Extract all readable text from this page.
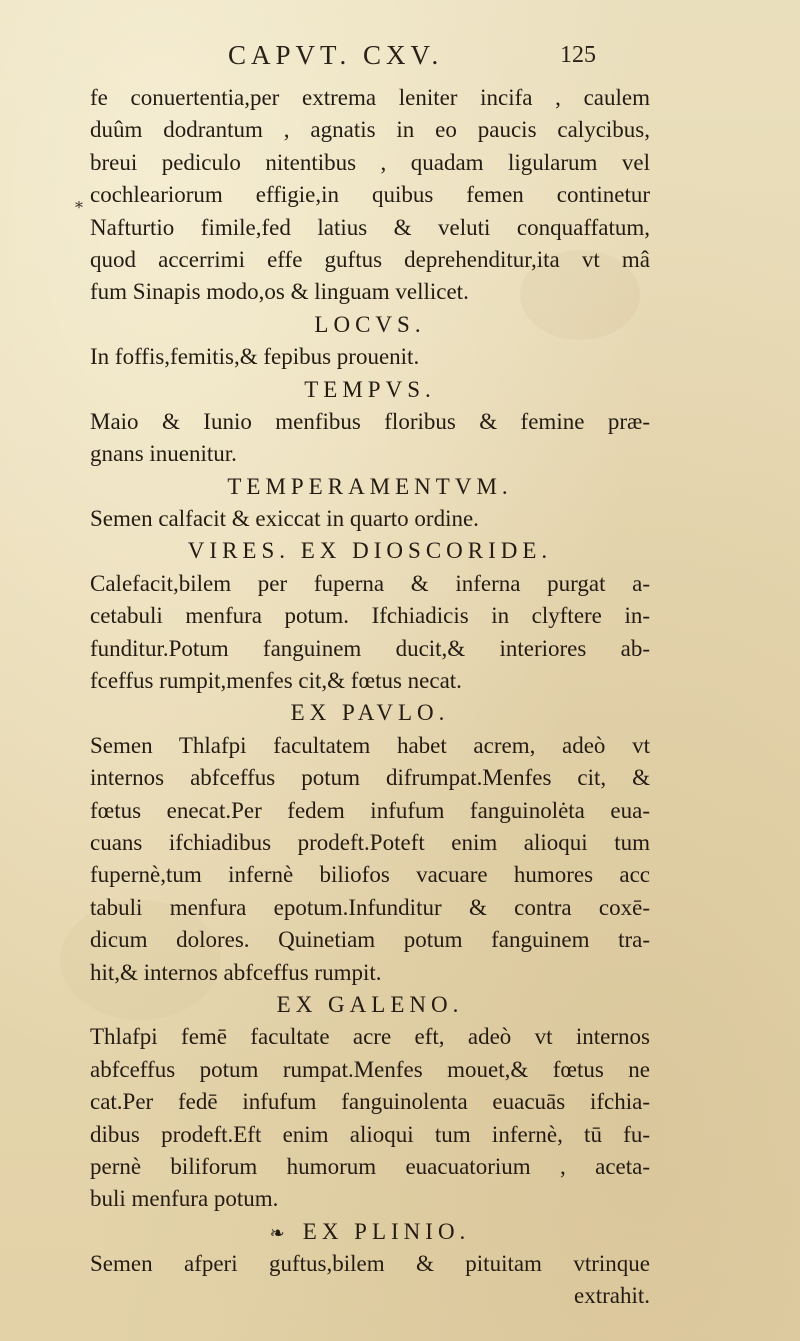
CAPVT. CXV.	125
*
fe conuertentia,per extrema leniter incifa , caulem
duûm dodrantum , agnatis in eo paucis calycibus,
breui pediculo nitentibus , quadam ligularum vel
cochleariorum effigie,in quibus femen continetur
Nafturtio fimile,fed latius & veluti conquaffatum,
quod accerrimi effe guftus deprehenditur,ita vt mâ
fum Sinapis modo,os & linguam vellicet.
LOCVS.
In foffis,femitis,& fepibus prouenit.
TEMPVS.
Maio & Iunio menfibus floribus & femine præ-
gnans inuenitur.
TEMPERAMENTVM.
Semen calfacit & exiccat in quarto ordine.
VIRES. EX DIOSCORIDE.
Calefacit,bilem per fuperna & inferna purgat a-
cetabuli menfura potum. Ifchiadicis in clyftere in-
funditur.Potum fanguinem ducit,& interiores ab-
fceffus rumpit,menfes cit,& fœtus necat.
EX PAVLO.
Semen Thlafpi facultatem habet acrem, adeò vt
internos abfceffus potum difrumpat.Menfes cit, &
fœtus enecat.Per fedem infufum fanguinolėta eua-
cuans ifchiadibus prodeft.Poteft enim alioqui tum
fupernè,tum infernè biliofos vacuare humores acc
tabuli menfura epotum.Infunditur & contra coxē-
dicum dolores. Quinetiam potum fanguinem tra-
hit,& internos abfceffus rumpit.
EX GALENO.
Thlafpi femē facultate acre eft, adeò vt internos
abfceffus potum rumpat.Menfes mouet,& fœtus ne
cat.Per fedē infufum fanguinolenta euacuās ifchia-
dibus prodeft.Eft enim alioqui tum infernè, tū fu-
pernè biliforum humorum euacuatorium , aceta-
buli menfura potum.
❧ EX PLINIO.
Semen afperi guftus,bilem & pituitam vtrinque
extrahit.
